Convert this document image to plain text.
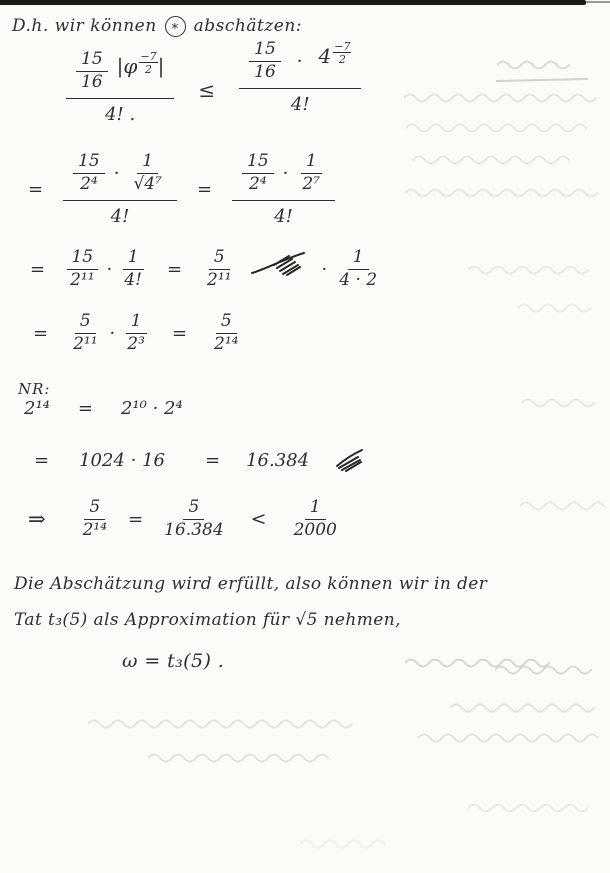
D.h. wir können ∗ abschätzen:
$\frac{\frac{15}{16} |\varphi \frac{-7}{2} |}{4! .} \le \frac{\frac{15}{16} \cdot 4 \frac{-7}{2}}{4!}$
= $\frac{\frac{15}{\text{2⁴}} \cdot \frac{1}{\text{√4⁷}}}{4!} = \frac{\frac{15}{\text{2⁴}} \cdot \frac{1}{\text{2⁷}}}{4!}$
= $\frac{15}{\text{2¹¹}} \cdot \frac{1}{4!} = \frac{5}{\text{2¹¹}}$	· $\frac{1}{4 \cdot 2}$
= $\frac{5}{\text{2¹¹}} \cdot \frac{1}{\text{2³}} = \frac{5}{\text{2¹⁴}}$
NR:
2¹⁴ = 2¹⁰ · 2⁴
= 1024 · 16 = 16.384
⇒ $\frac{5}{\text{2¹⁴}} = \frac{5}{16.384} < \frac{1}{2000}$
Die Abschätzung wird erfüllt, also können wir in der
Tat t₃(5) als Approximation für √5 nehmen,
ω = t₃(5) .
